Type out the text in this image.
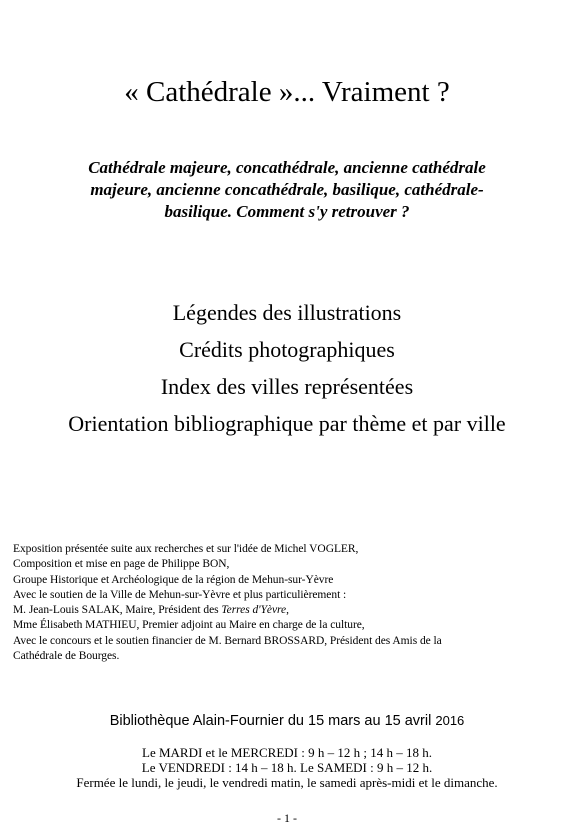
« Cathédrale »... Vraiment ?
Cathédrale majeure, concathédrale, ancienne cathédrale
majeure, ancienne concathédrale, basilique, cathédrale-
basilique. Comment s'y retrouver ?
Légendes des illustrations
Crédits photographiques
Index des villes représentées
Orientation bibliographique par thème et par ville
Exposition présentée suite aux recherches et sur l'idée de Michel VOGLER,
Composition et mise en page de Philippe BON,
Groupe Historique et Archéologique de la région de Mehun-sur-Yèvre
Avec le soutien de la Ville de Mehun-sur-Yèvre et plus particulièrement :
M. Jean-Louis SALAK, Maire, Président des Terres d'Yèvre,
Mme Élisabeth MATHIEU, Premier adjoint au Maire en charge de la culture,
Avec le concours et le soutien financier de M. Bernard BROSSARD, Président des Amis de la
Cathédrale de Bourges.
Bibliothèque Alain-Fournier du 15 mars au 15 avril 2016
Le MARDI et le MERCREDI : 9 h – 12 h ; 14 h – 18 h.
Le VENDREDI : 14 h – 18 h. Le SAMEDI : 9 h – 12 h.
Fermée le lundi, le jeudi, le vendredi matin, le samedi après-midi et le dimanche.
- 1 -
